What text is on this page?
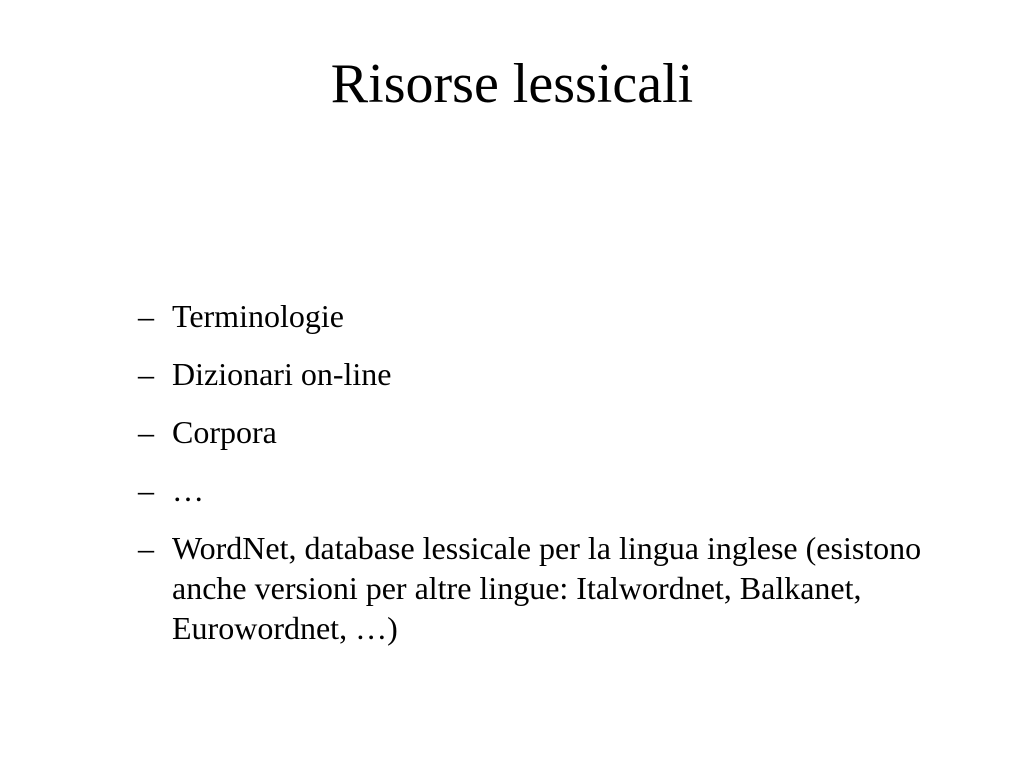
Risorse lessicali
– Terminologie
– Dizionari on-line
– Corpora
– …
– WordNet, database lessicale per la lingua inglese (esistono anche versioni per altre lingue: Italwordnet, Balkanet, Eurowordnet, …)
